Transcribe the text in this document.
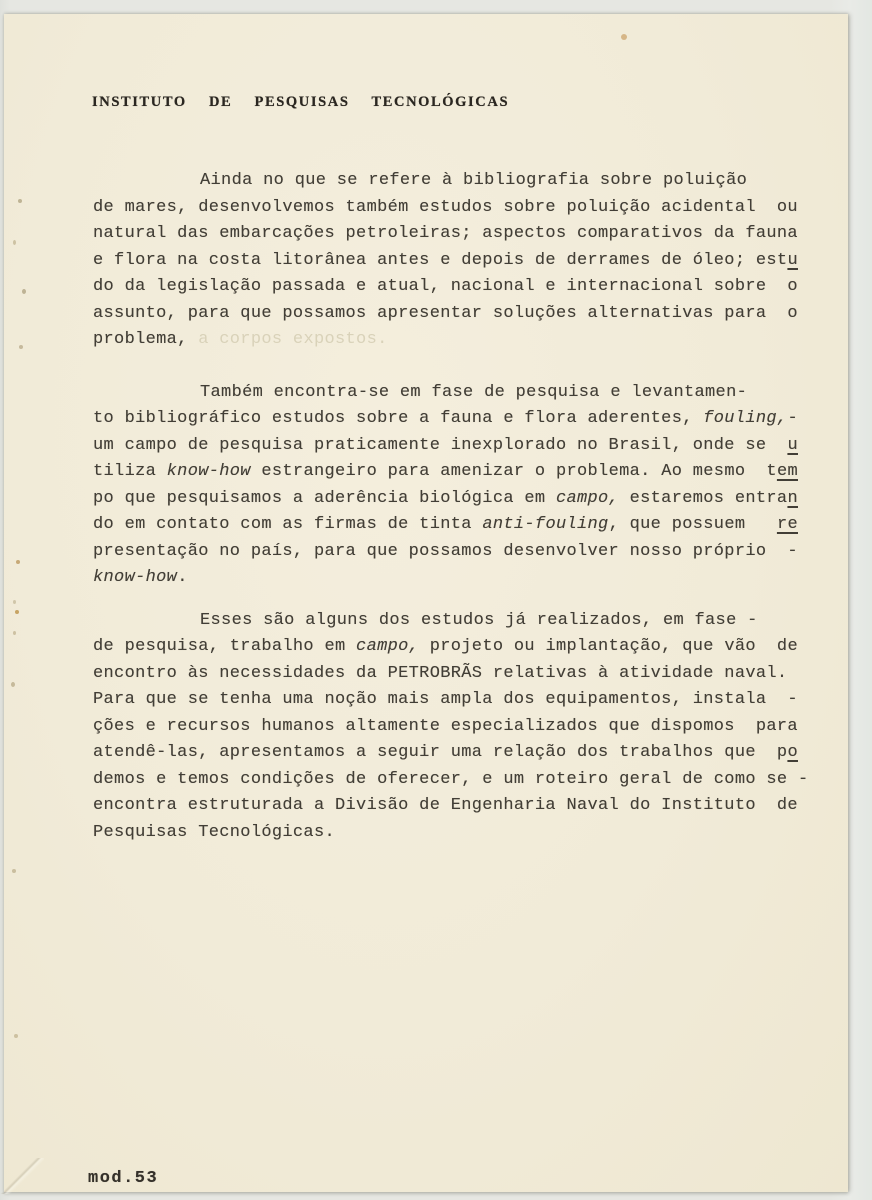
INSTITUTO DE PESQUISAS TECNOLÓGICAS
Ainda no que se refere à bibliografia sobre poluição
de mares, desenvolvemos também estudos sobre poluição acidental  ou
natural das embarcações petroleiras; aspectos comparativos da fauna
e flora na costa litorânea antes e depois de derrames de óleo; estu
do da legislação passada e atual, nacional e internacional sobre  o
assunto, para que possamos apresentar soluções alternativas para  o
problema, a corpos expostos.
Também encontra-se em fase de pesquisa e levantamen-
to bibliográfico estudos sobre a fauna e flora aderentes, fouling,-
um campo de pesquisa praticamente inexplorado no Brasil, onde se  u
tiliza know-how estrangeiro para amenizar o problema. Ao mesmo  tem
po que pesquisamos a aderência biológica em campo, estaremos entran
do em contato com as firmas de tinta anti-fouling, que possuem   re
presentação no país, para que possamos desenvolver nosso próprio  -
know-how.
Esses são alguns dos estudos já realizados, em fase -
de pesquisa, trabalho em campo, projeto ou implantação, que vão  de
encontro às necessidades da PETROBRÃS relativas à atividade naval.
Para que se tenha uma noção mais ampla dos equipamentos, instala  -
ções e recursos humanos altamente especializados que dispomos  para
atendê-las, apresentamos a seguir uma relação dos trabalhos que  po
demos e temos condições de oferecer, e um roteiro geral de como se -
encontra estruturada a Divisão de Engenharia Naval do Instituto  de
Pesquisas Tecnológicas.
mod.53
